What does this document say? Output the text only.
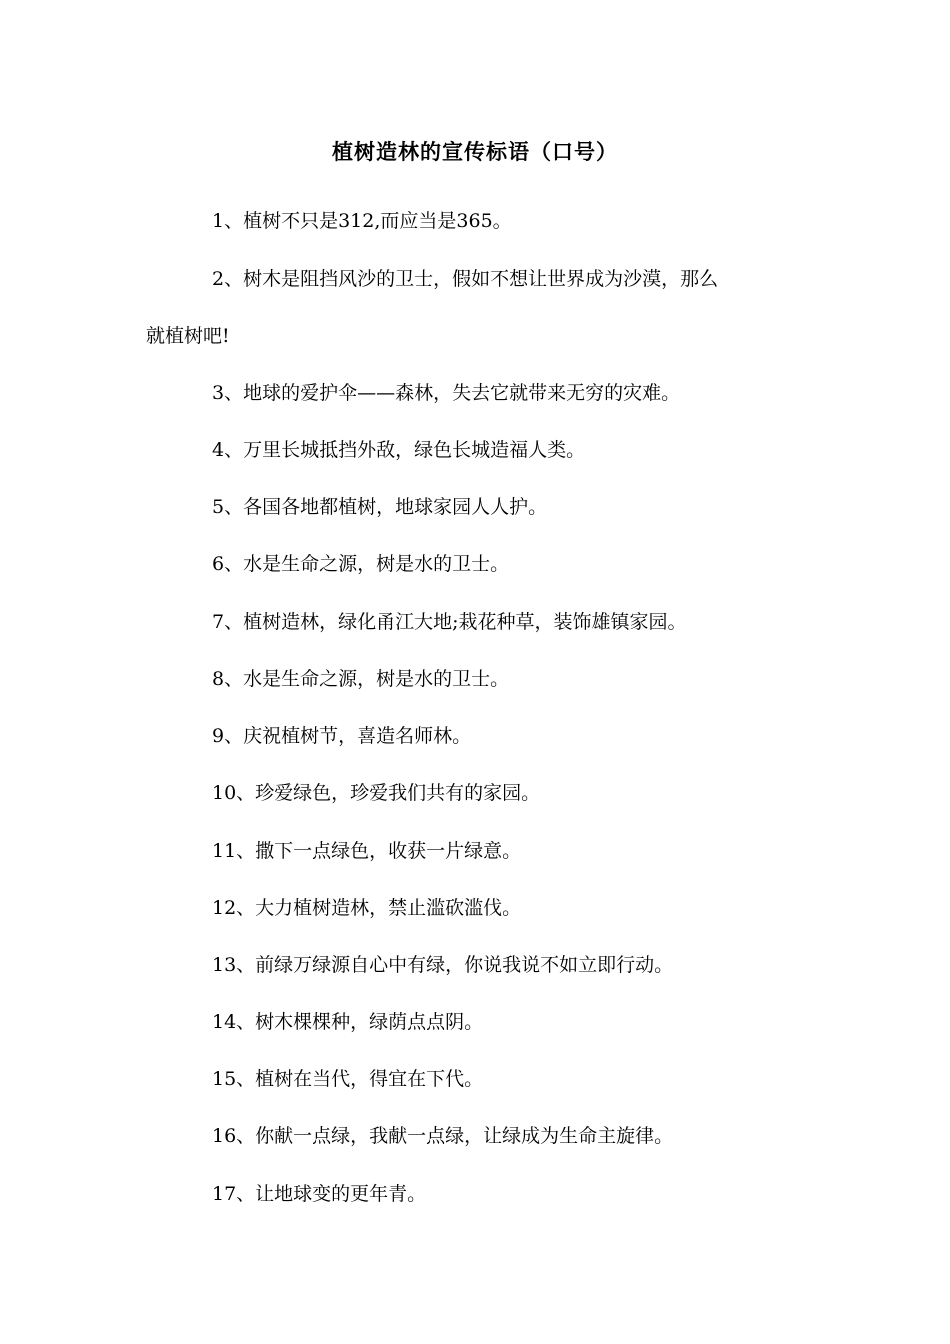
植树造林的宣传标语（口号）
1、植树不只是312,而应当是365。
2、树木是阻挡风沙的卫士，假如不想让世界成为沙漠，那么
就植树吧!
3、地球的爱护伞——森林，失去它就带来无穷的灾难。
4、万里长城抵挡外敌，绿色长城造福人类。
5、各国各地都植树，地球家园人人护。
6、水是生命之源，树是水的卫士。
7、植树造林，绿化甬江大地;栽花种草，装饰雄镇家园。
8、水是生命之源，树是水的卫士。
9、庆祝植树节，喜造名师林。
10、珍爱绿色，珍爱我们共有的家园。
11、撒下一点绿色，收获一片绿意。
12、大力植树造林，禁止滥砍滥伐。
13、前绿万绿源自心中有绿，你说我说不如立即行动。
14、树木棵棵种，绿荫点点阴。
15、植树在当代，得宜在下代。
16、你献一点绿，我献一点绿，让绿成为生命主旋律。
17、让地球变的更年青。
